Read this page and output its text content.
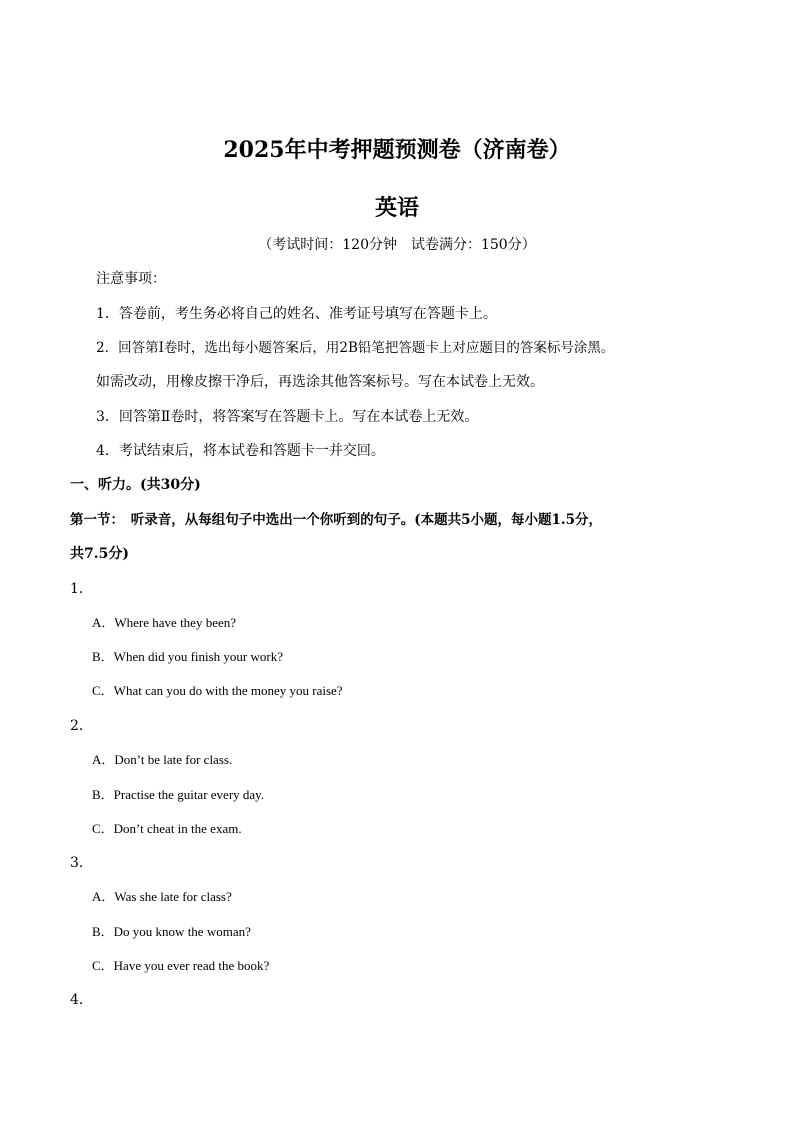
2025年中考押题预测卷（济南卷）
英语
（考试时间：120分钟　试卷满分：150分）
注意事项：
1．答卷前，考生务必将自己的姓名、准考证号填写在答题卡上。
2．回答第Ⅰ卷时，选出每小题答案后，用2B铅笔把答题卡上对应题目的答案标号涂黑。
如需改动，用橡皮擦干净后，再选涂其他答案标号。写在本试卷上无效。
3．回答第Ⅱ卷时，将答案写在答题卡上。写在本试卷上无效。
4．考试结束后，将本试卷和答题卡一并交回。
一、听力。(共30分)
第一节：　听录音，从每组句子中选出一个你听到的句子。(本题共5小题，每小题1.5分，
共7.5分)
1．
A．Where have they been?
B．When did you finish your work?
C．What can you do with the money you raise?
2．
A．Don’t be late for class.
B．Practise the guitar every day.
C．Don’t cheat in the exam.
3．
A．Was she late for class?
B．Do you know the woman?
C．Have you ever read the book?
4．
